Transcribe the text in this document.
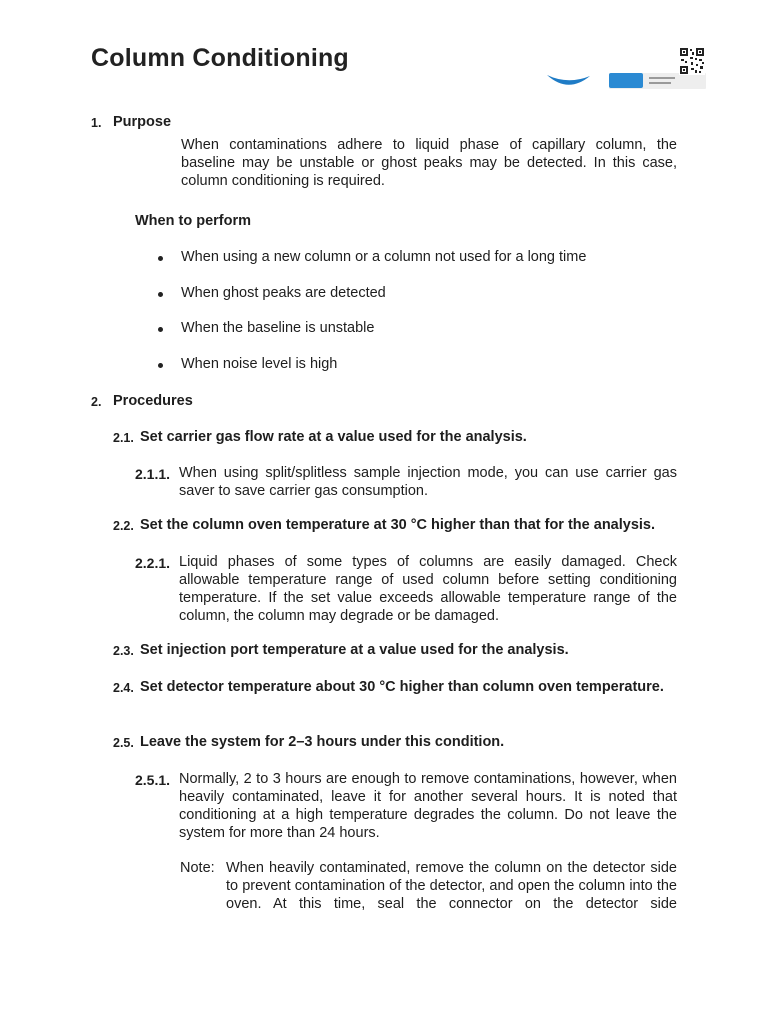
Column Conditioning
1. Purpose

When contaminations adhere to liquid phase of capillary column, the baseline may be unstable or ghost peaks may be detected. In this case, column conditioning is required.

When to perform

When using a new column or a column not used for a long time

When ghost peaks are detected

When the baseline is unstable

When noise level is high

2. Procedures

2.1. Set carrier gas flow rate at a value used for the analysis.

2.1.1. When using split/splitless sample injection mode, you can use carrier gas saver to save carrier gas consumption.

2.2. Set the column oven temperature at 30 °C higher than that for the analysis.

2.2.1. Liquid phases of some types of columns are easily damaged. Check allowable temperature range of used column before setting conditioning temperature. If the set value exceeds allowable temperature range of the column, the column may degrade or be damaged.

2.3. Set injection port temperature at a value used for the analysis.

2.4. Set detector temperature about 30 °C higher than column oven temperature.

2.5. Leave the system for 2–3 hours under this condition.

2.5.1. Normally, 2 to 3 hours are enough to remove contaminations, however, when heavily contaminated, leave it for another several hours. It is noted that conditioning at a high temperature degrades the column. Do not leave the system for more than 24 hours.

Note: When heavily contaminated, remove the column on the detector side to prevent contamination of the detector, and open the column into the oven. At this time, seal the connector on the detector side
